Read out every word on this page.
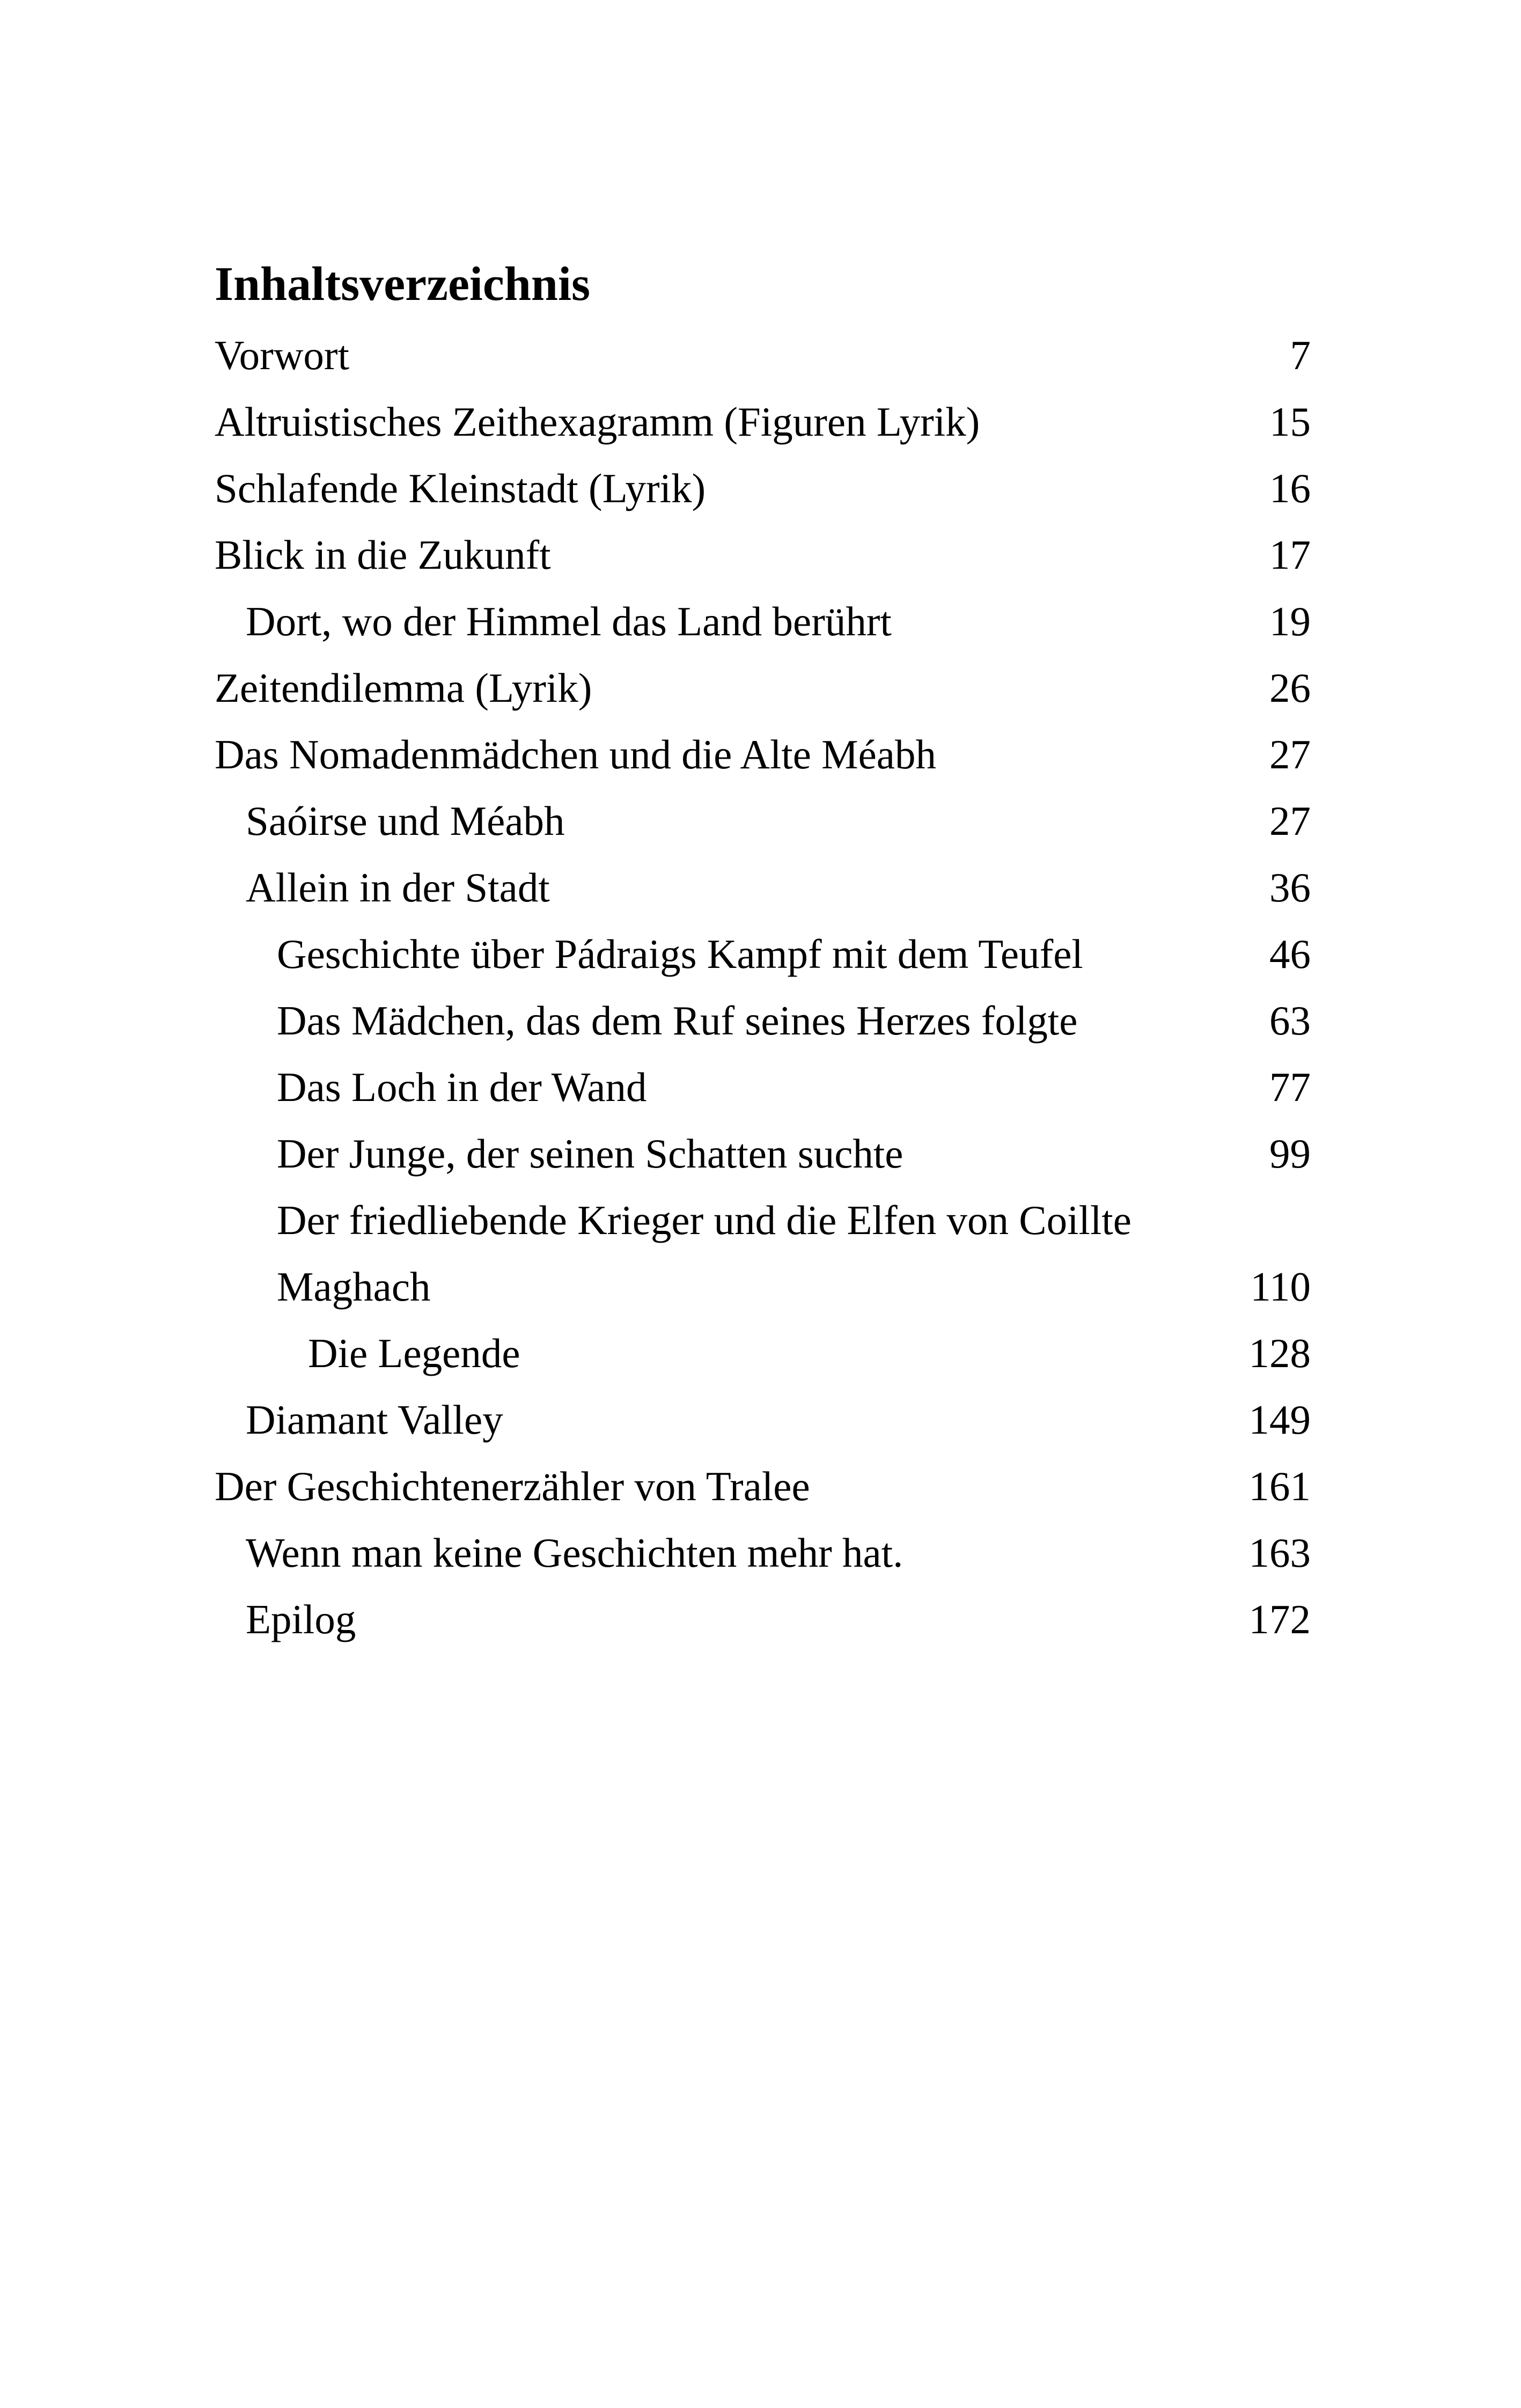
Inhaltsverzeichnis
Vorwort	7
Altruistisches Zeithexagramm (Figuren Lyrik)	15
Schlafende Kleinstadt (Lyrik)	16
Blick in die Zukunft	17
Dort, wo der Himmel das Land berührt	19
Zeitendilemma (Lyrik)	26
Das Nomadenmädchen und die Alte Méabh	27
Saóirse und Méabh	27
Allein in der Stadt	36
Geschichte über Pádraigs Kampf mit dem Teufel	46
Das Mädchen, das dem Ruf seines Herzes folgte	63
Das Loch in der Wand	77
Der Junge, der seinen Schatten suchte	99
Der friedliebende Krieger und die Elfen von Coillte
Maghach	110
Die Legende	128
Diamant Valley	149
Der Geschichtenerzähler von Tralee	161
Wenn man keine Geschichten mehr hat.	163
Epilog	172
